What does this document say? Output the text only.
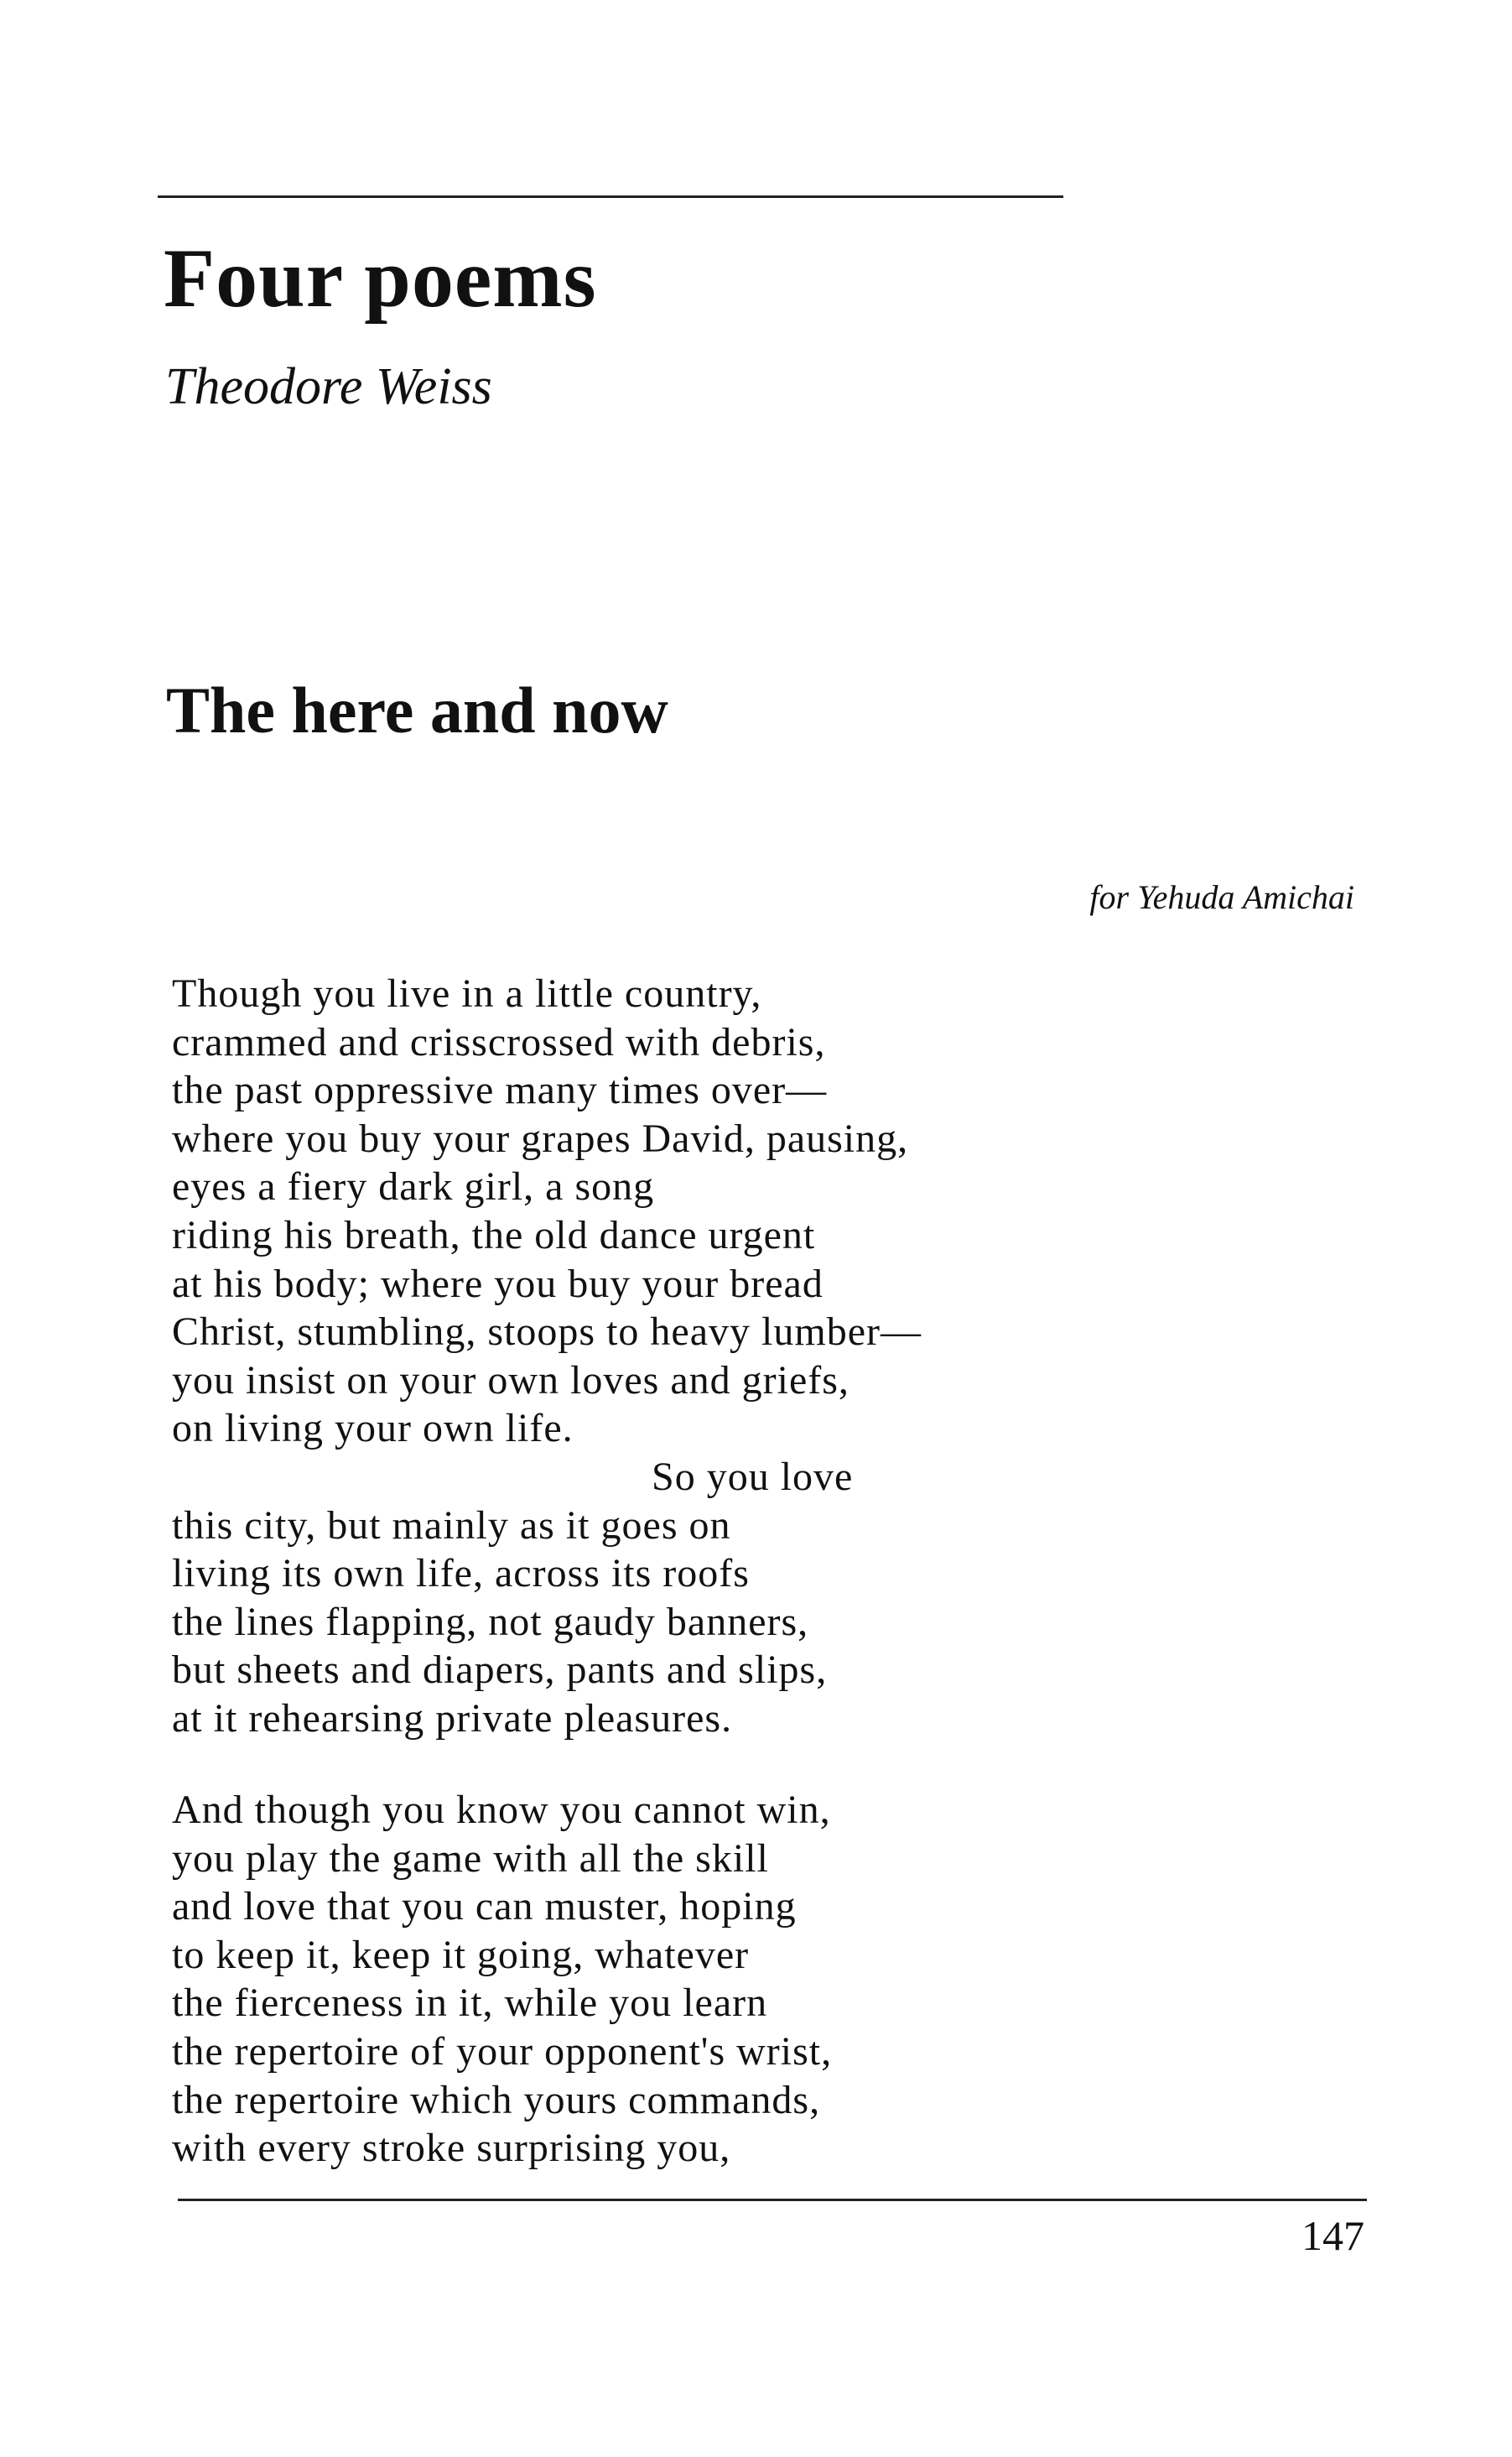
Four poems

Theodore Weiss

The here and now

for Yehuda Amichai

Though you live in a little country,
crammed and crisscrossed with debris,
the past oppressive many times over—
where you buy your grapes David, pausing,
eyes a fiery dark girl, a song
riding his breath, the old dance urgent
at his body; where you buy your bread
Christ, stumbling, stoops to heavy lumber—
you insist on your own loves and griefs,
on living your own life.
So you love
this city, but mainly as it goes on
living its own life, across its roofs
the lines flapping, not gaudy banners,
but sheets and diapers, pants and slips,
at it rehearsing private pleasures.
And though you know you cannot win,
you play the game with all the skill
and love that you can muster, hoping
to keep it, keep it going, whatever
the fierceness in it, while you learn
the repertoire of your opponent's wrist,
the repertoire which yours commands,
with every stroke surprising you,

147
